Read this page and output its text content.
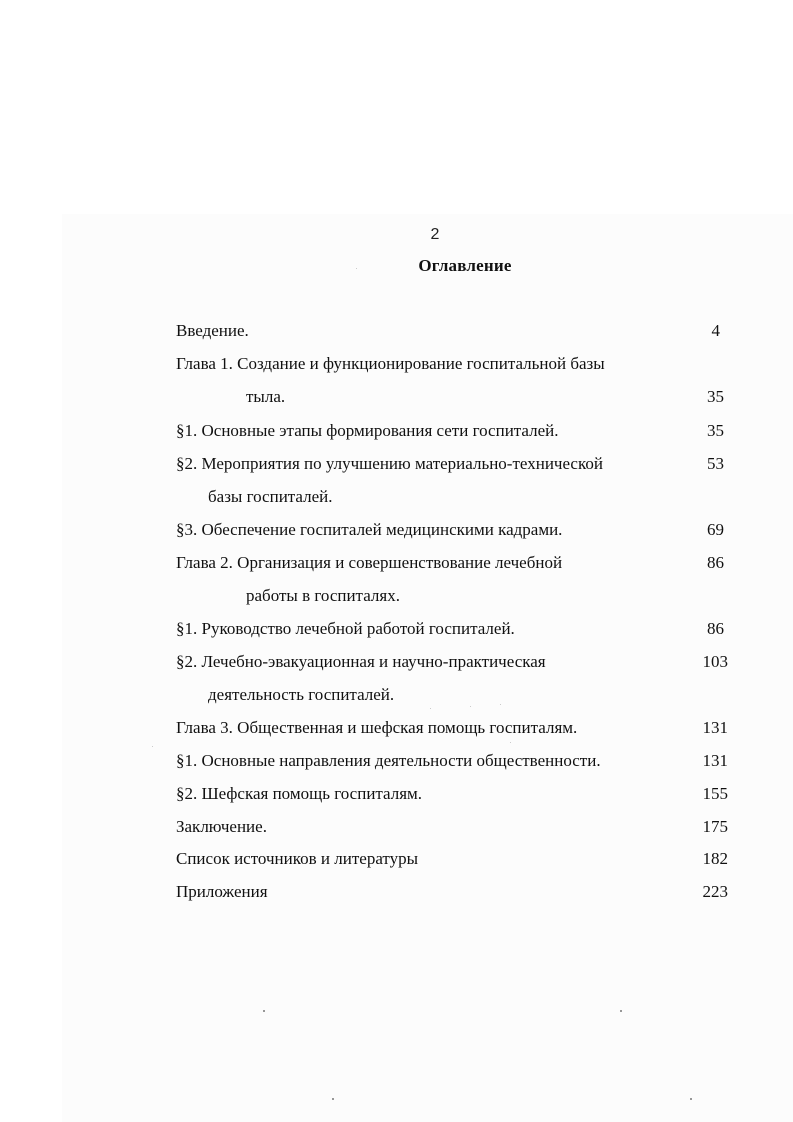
2
Оглавление
Введение.	4
Глава 1. Создание и функционирование госпитальной базы
тыла.	35
§1. Основные этапы формирования сети госпиталей.	35
§2. Мероприятия по улучшению материально-технической	53
базы госпиталей.
§3. Обеспечение госпиталей медицинскими кадрами.	69
Глава 2. Организация и совершенствование лечебной	86
работы в госпиталях.
§1. Руководство лечебной работой госпиталей.	86
§2. Лечебно-эвакуационная и научно-практическая	103
деятельность госпиталей.
Глава 3. Общественная и шефская помощь госпиталям.	131
§1. Основные направления деятельности общественности.	131
§2. Шефская помощь госпиталям.	155
Заключение.	175
Список источников и литературы	182
Приложения	223
